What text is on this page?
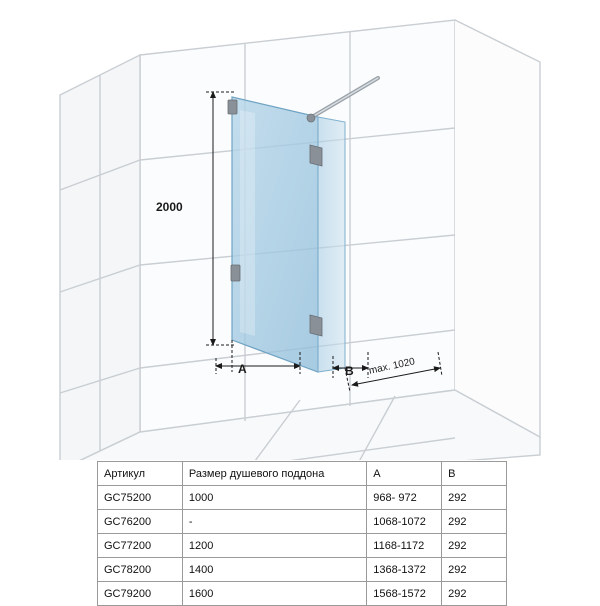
2000
A	B max. 1020
Артикул	Размер душевого поддона	A	B
GC75200	1000	968- 972	292
GC76200	-	1068-1072	292
GC77200	1200	1168-1172	292
GC78200	1400	1368-1372	292
GC79200	1600	1568-1572	292
